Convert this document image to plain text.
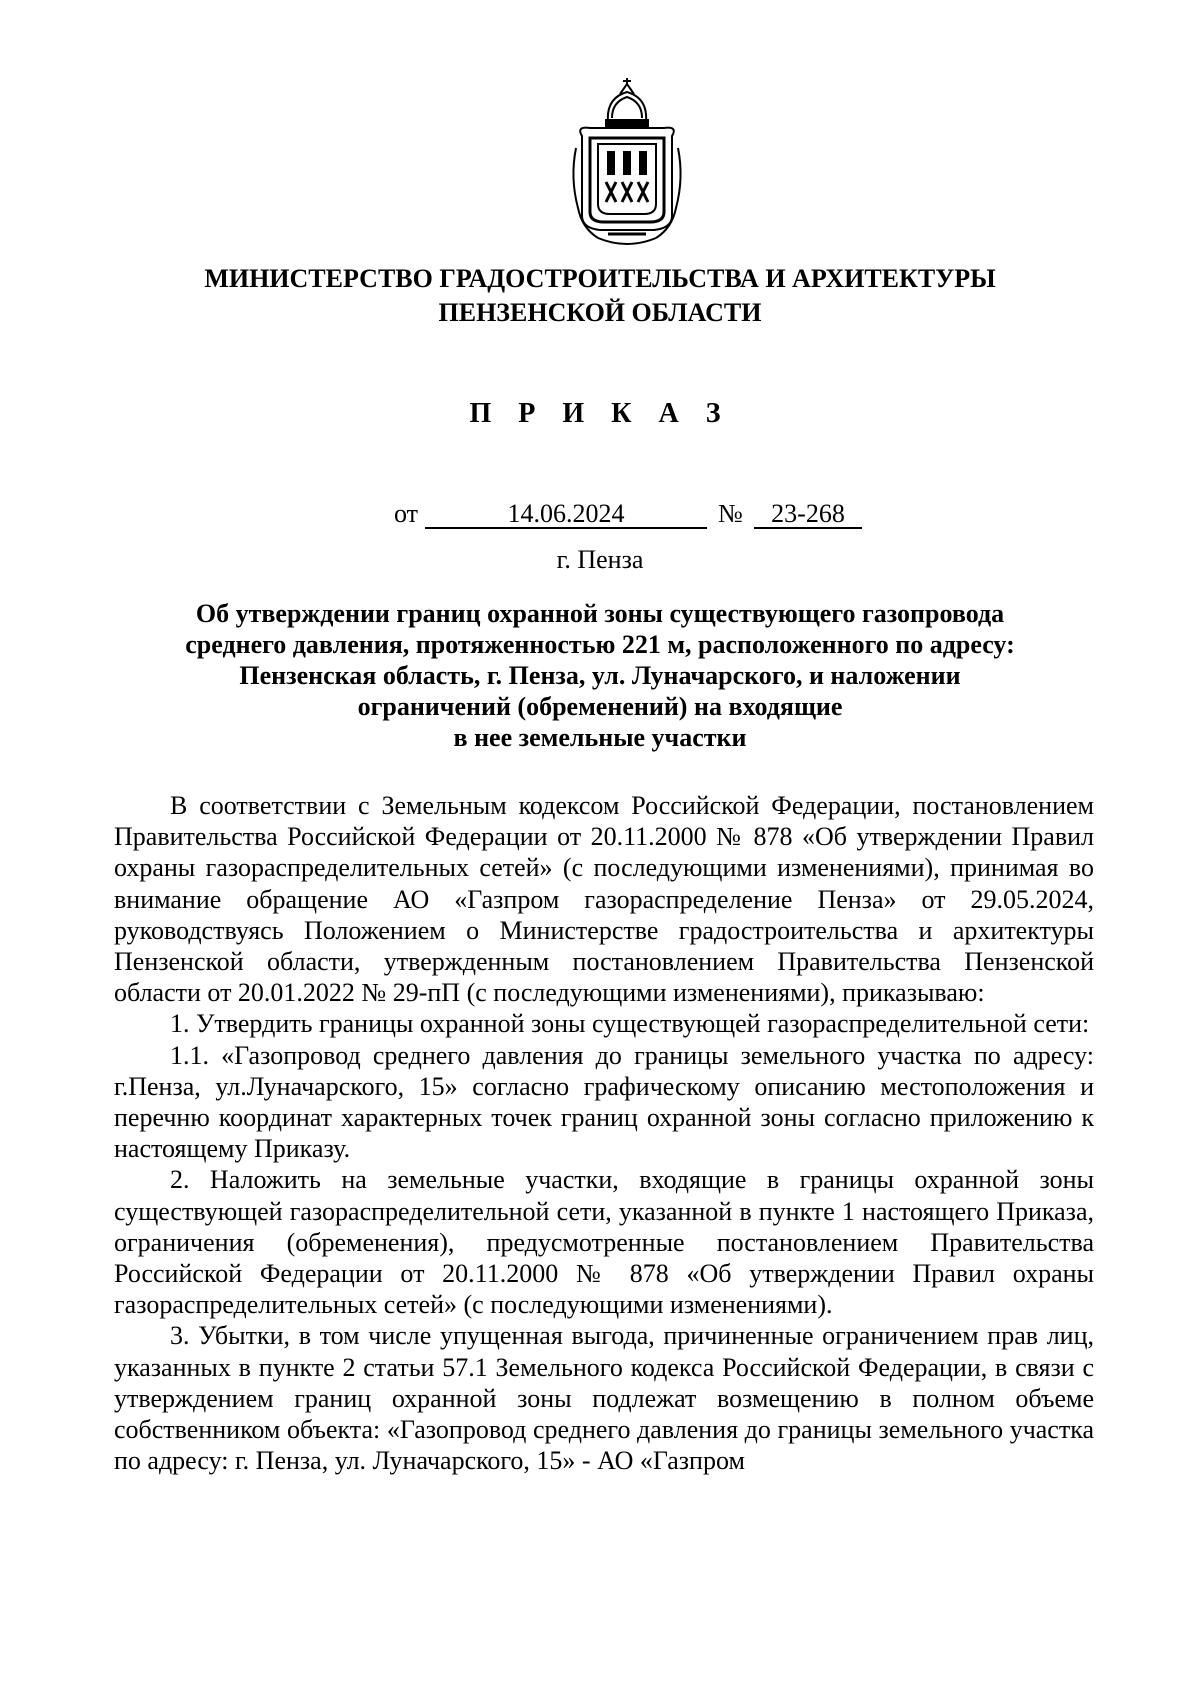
МИНИСТЕРСТВО ГРАДОСТРОИТЕЛЬСТВА И АРХИТЕКТУРЫ
ПЕНЗЕНСКОЙ ОБЛАСТИ
П Р И К А З
от	14.06.2024	№	23-268
г. Пенза
Об утверждении границ охранной зоны существующего газопровода
среднего давления, протяженностью 221 м, расположенного по адресу:
Пензенская область, г. Пенза, ул. Луначарского, и наложении
ограничений (обременений) на входящие
в нее земельные участки

В соответствии с Земельным кодексом Российской Федерации, постановлением Правительства Российской Федерации от 20.11.2000 № 878 «Об утверждении Правил охраны газораспределительных сетей» (с последующими изменениями), принимая во внимание обращение АО «Газпром газораспределение Пенза» от 29.05.2024, руководствуясь Положением о Министерстве градостроительства и архитектуры Пензенской области, утвержденным постановлением Правительства Пензенской области от 20.01.2022 № 29-пП (с последующими изменениями), приказываю:

1. Утвердить границы охранной зоны существующей газораспределительной сети:

1.1. «Газопровод среднего давления до границы земельного участка по адресу: г.Пенза, ул.Луначарского, 15» согласно графическому описанию местоположения и перечню координат характерных точек границ охранной зоны согласно приложению к настоящему Приказу.

2. Наложить на земельные участки, входящие в границы охранной зоны существующей газораспределительной сети, указанной в пункте 1 настоящего Приказа, ограничения (обременения), предусмотренные постановлением Правительства Российской Федерации от 20.11.2000 № 878 «Об утверждении Правил охраны газораспределительных сетей» (с последующими изменениями).

3. Убытки, в том числе упущенная выгода, причиненные ограничением прав лиц, указанных в пункте 2 статьи 57.1 Земельного кодекса Российской Федерации, в связи с утверждением границ охранной зоны подлежат возмещению в полном объеме собственником объекта: «Газопровод среднего давления до границы земельного участка по адресу: г. Пенза, ул. Луначарского, 15» - АО «Газпром
